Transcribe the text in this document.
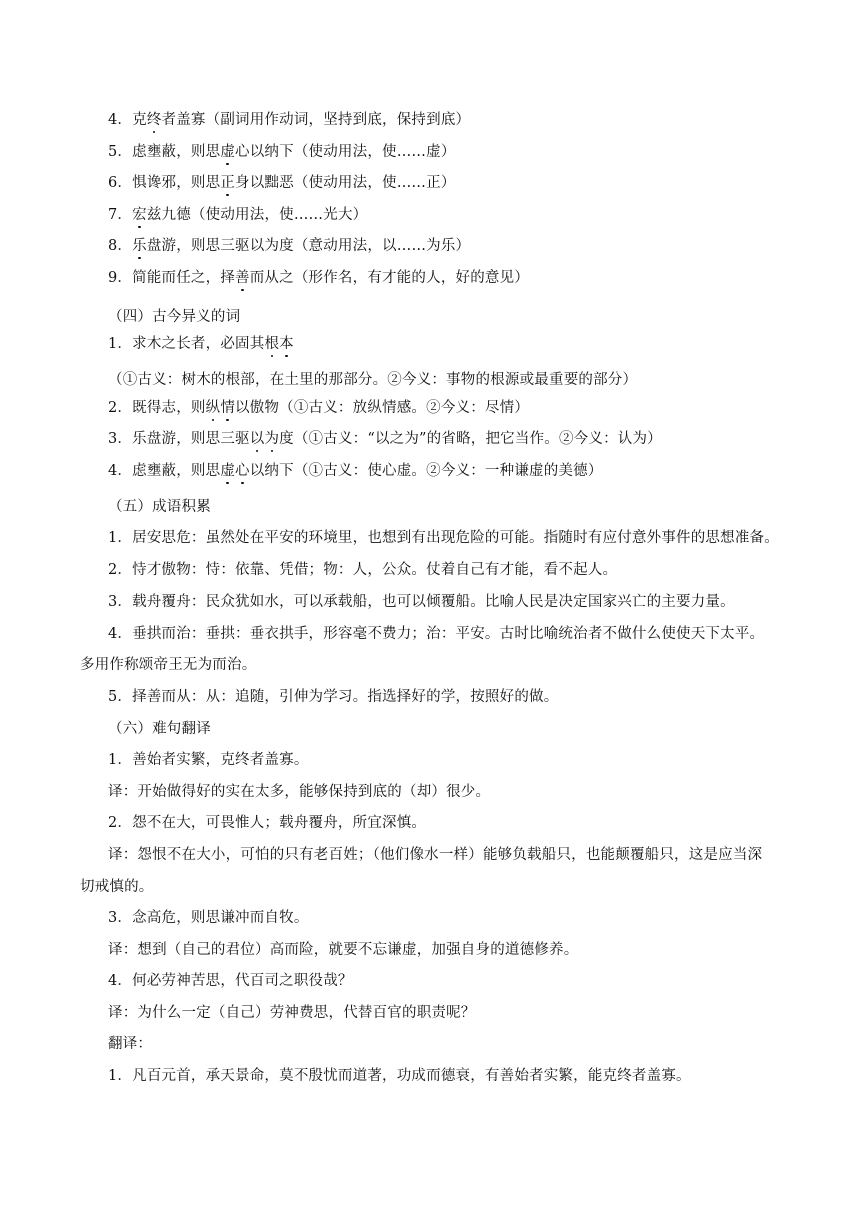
4．克终者盖寡（副词用作动词，坚持到底，保持到底）
5．虑壅蔽，则思虚心以纳下（使动用法，使……虚）
6．惧谗邪，则思正身以黜恶（使动用法，使……正）
7．宏兹九德（使动用法，使……光大）
8．乐盘游，则思三驱以为度（意动用法，以……为乐）
9．简能而任之，择善而从之（形作名，有才能的人，好的意见）
（四）古今异义的词
1．求木之长者，必固其根本
（①古义：树木的根部，在土里的那部分。②今义：事物的根源或最重要的部分）
2．既得志，则纵情以傲物（①古义：放纵情感。②今义：尽情）
3．乐盘游，则思三驱以为度（①古义：“以之为”的省略，把它当作。②今义：认为）
4．虑壅蔽，则思虚心以纳下（①古义：使心虚。②今义：一种谦虚的美德）
（五）成语积累
1．居安思危：虽然处在平安的环境里，也想到有出现危险的可能。指随时有应付意外事件的思想准备。
2．恃才傲物：恃：依靠、凭借；物：人，公众。仗着自己有才能，看不起人。
3．载舟覆舟：民众犹如水，可以承载船，也可以倾覆船。比喻人民是决定国家兴亡的主要力量。
4．垂拱而治：垂拱：垂衣拱手，形容毫不费力；治：平安。古时比喻统治者不做什么使使天下太平。
多用作称颂帝王无为而治。
5．择善而从：从：追随，引伸为学习。指选择好的学，按照好的做。
（六）难句翻译
1．善始者实繁，克终者盖寡。
译：开始做得好的实在太多，能够保持到底的（却）很少。
2．怨不在大，可畏惟人；载舟覆舟，所宜深慎。
译：怨恨不在大小，可怕的只有老百姓；（他们像水一样）能够负载船只，也能颠覆船只，这是应当深
切戒慎的。
3．念高危，则思谦冲而自牧。
译：想到（自己的君位）高而险，就要不忘谦虚，加强自身的道德修养。
4．何必劳神苦思，代百司之职役哉？
译：为什么一定（自己）劳神费思，代替百官的职责呢？
翻译：
1．凡百元首，承天景命，莫不殷忧而道著，功成而德衰，有善始者实繁，能克终者盖寡。
